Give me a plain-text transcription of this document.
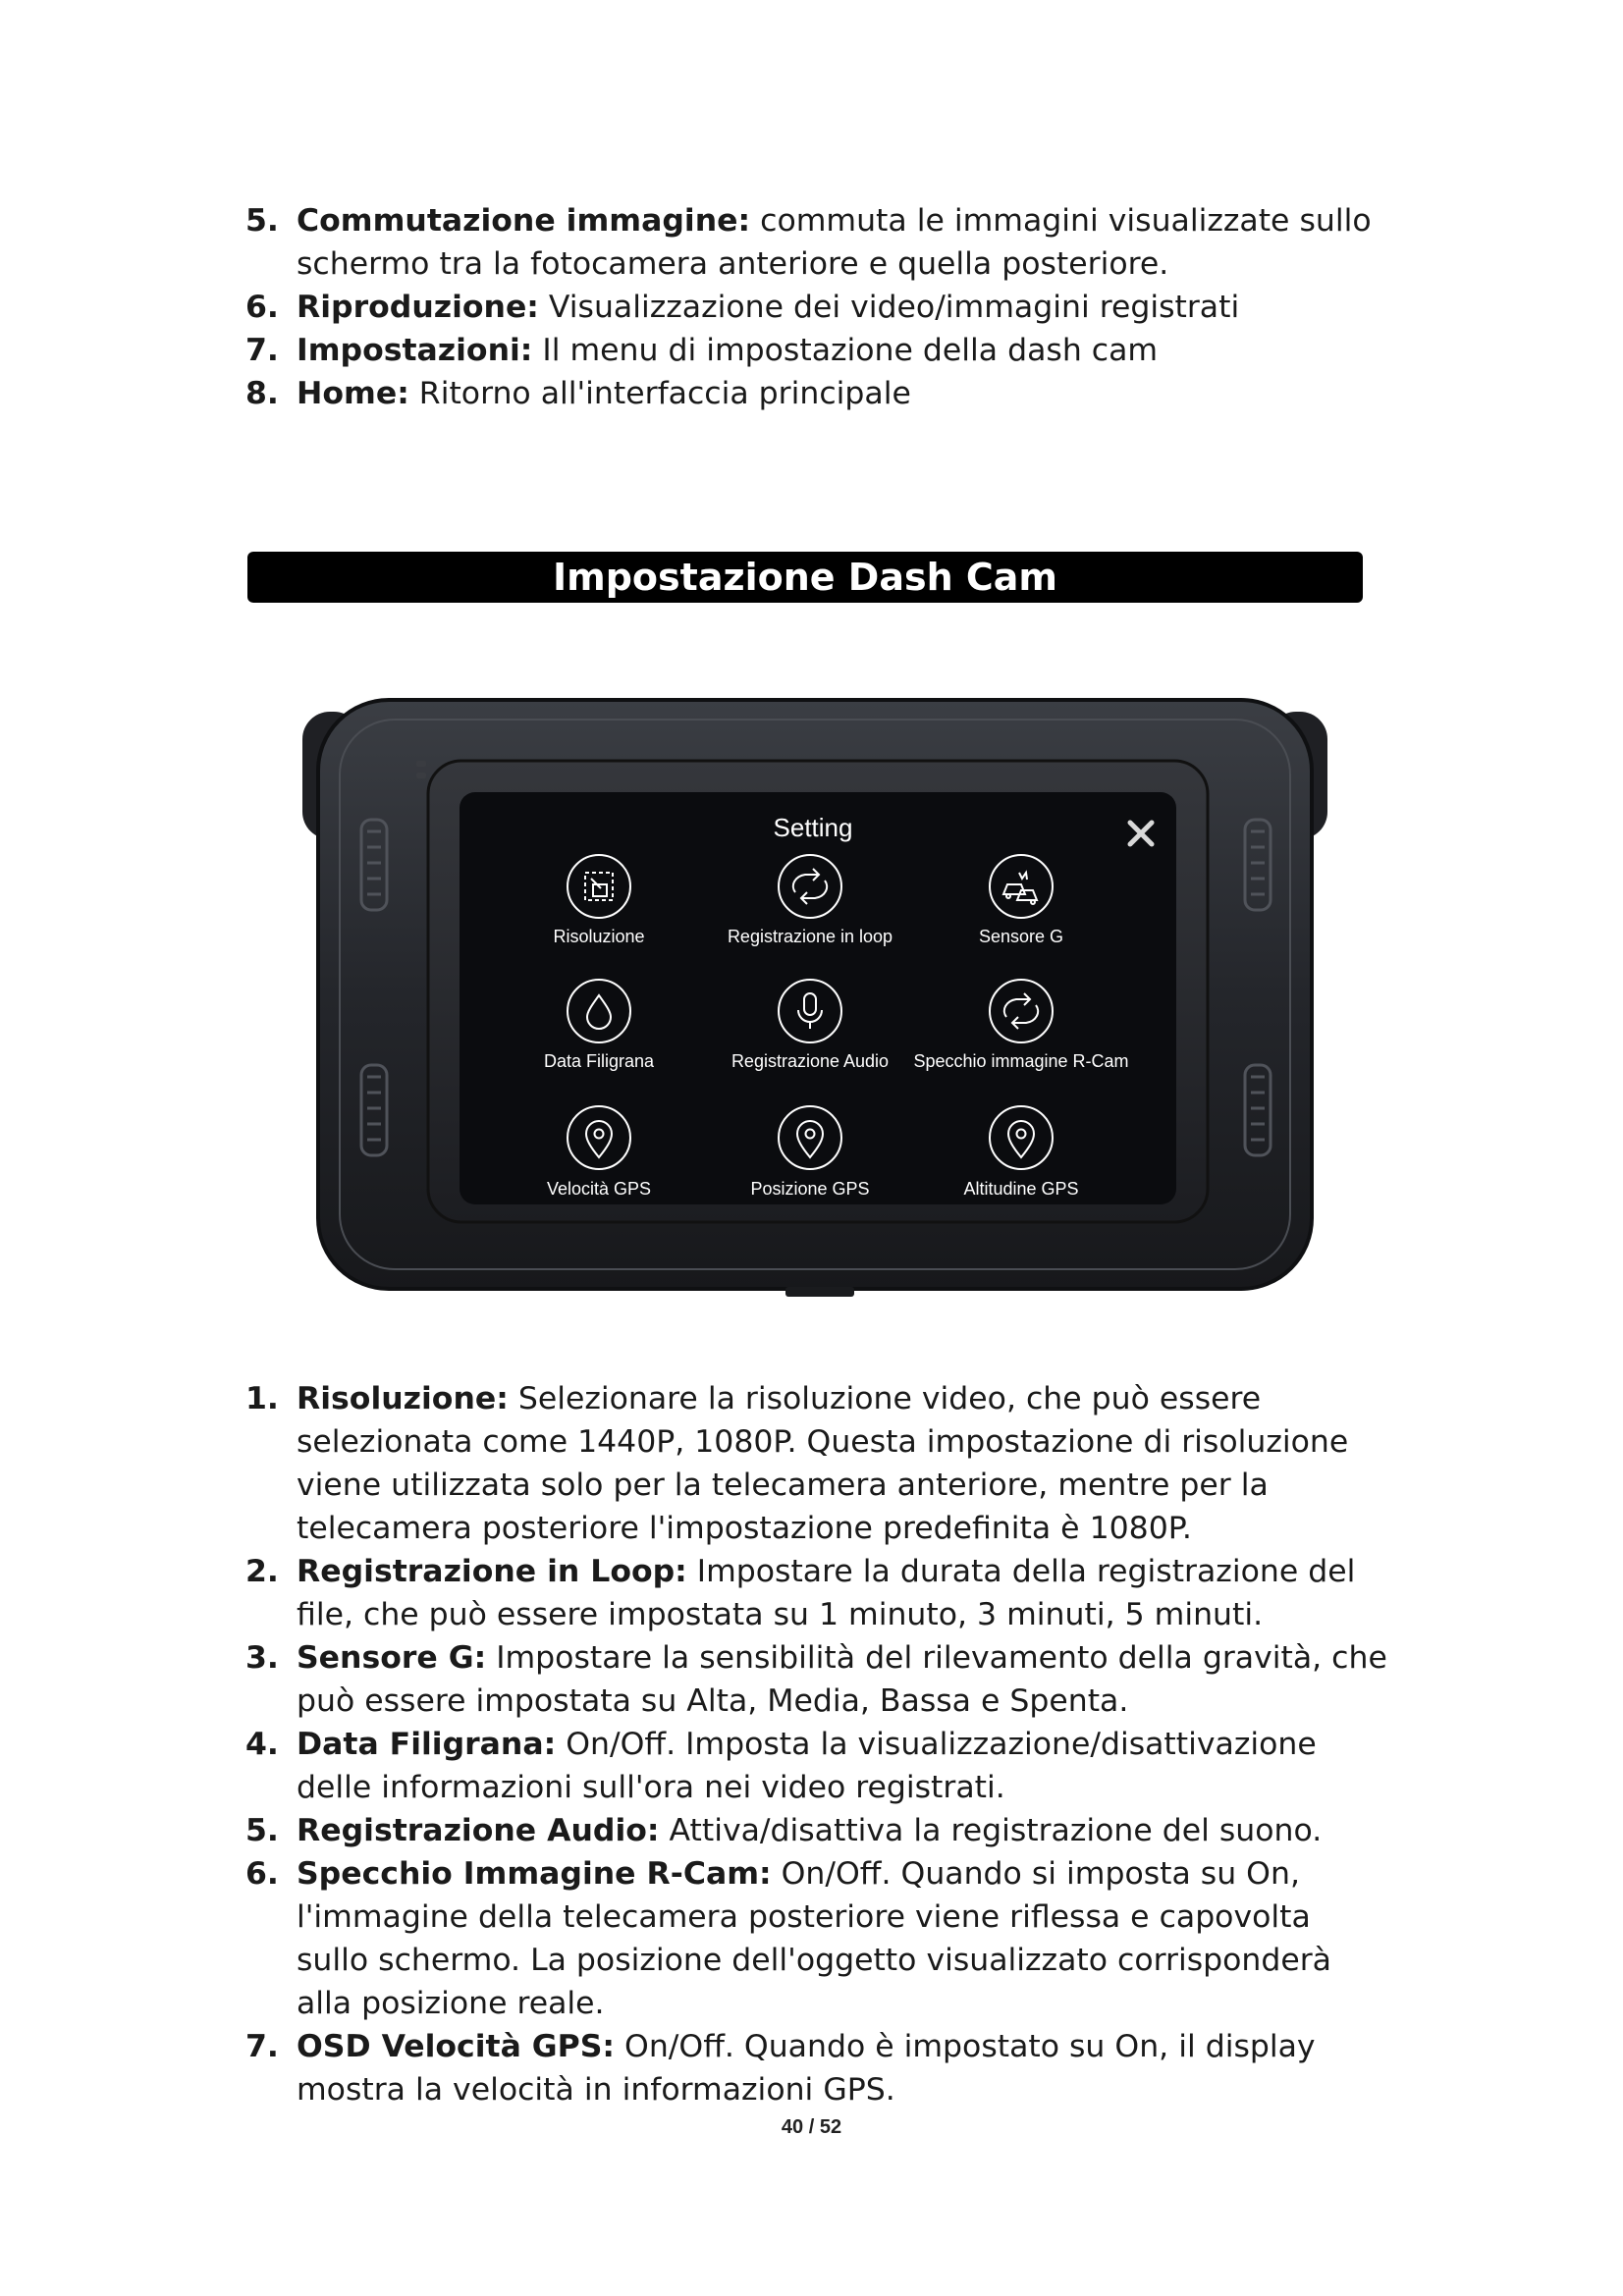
5. Commutazione immagine: commuta le immagini visualizzate sullo schermo tra la fotocamera anteriore e quella posteriore.
6. Riproduzione: Visualizzazione dei video/immagini registrati
7. Impostazioni: Il menu di impostazione della dash cam
8. Home: Ritorno all'interfaccia principale
Impostazione Dash Cam
Setting
Risoluzione	Registrazione in loop	Sensore G
Data Filigrana	Registrazione Audio Specchio immagine R-Cam
Velocità GPS	Posizione GPS	Altitudine GPS
1. Risoluzione: Selezionare la risoluzione video, che può essere selezionata come 1440P, 1080P. Questa impostazione di risoluzione viene utilizzata solo per la telecamera anteriore, mentre per la telecamera posteriore l'impostazione predefinita è 1080P.
2. Registrazione in Loop: Impostare la durata della registrazione del file, che può essere impostata su 1 minuto, 3 minuti, 5 minuti.
3. Sensore G: Impostare la sensibilità del rilevamento della gravità, che può essere impostata su Alta, Media, Bassa e Spenta.
4. Data Filigrana: On/Off. Imposta la visualizzazione/disattivazione delle informazioni sull'ora nei video registrati.
5. Registrazione Audio: Attiva/disattiva la registrazione del suono.
6. Specchio Immagine R-Cam: On/Off. Quando si imposta su On, l'immagine della telecamera posteriore viene riflessa e capovolta sullo schermo. La posizione dell'oggetto visualizzato corrisponderà alla posizione reale.
7. OSD Velocità GPS: On/Off. Quando è impostato su On, il display mostra la velocità in informazioni GPS.
40 / 52
